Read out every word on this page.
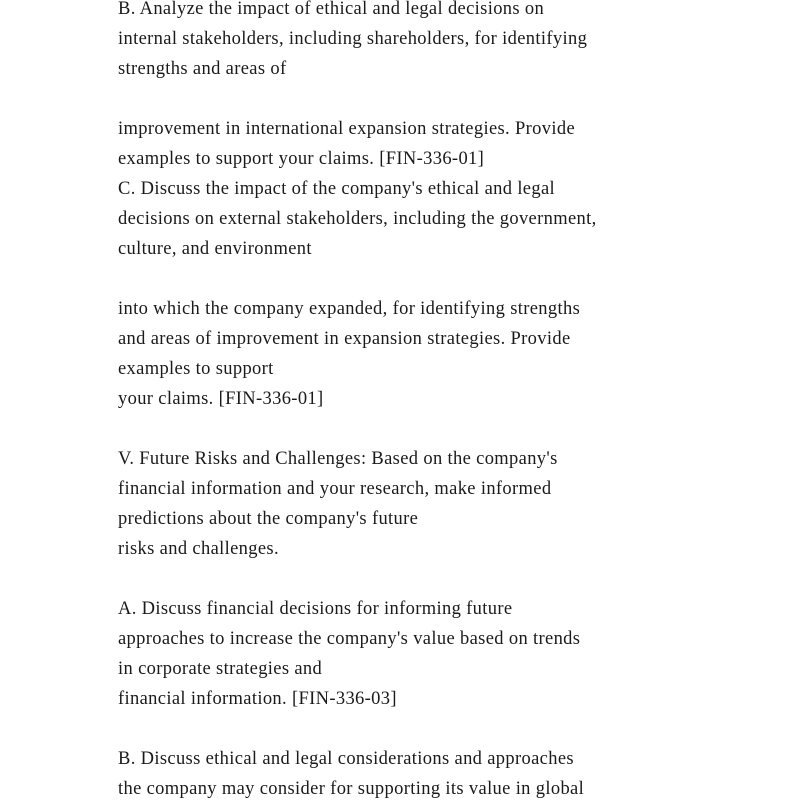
B. Analyze the impact of ethical and legal decisions on
internal stakeholders, including shareholders, for identifying
strengths and areas of
improvement in international expansion strategies. Provide
examples to support your claims. [FIN-336-01]
C. Discuss the impact of the company's ethical and legal
decisions on external stakeholders, including the government,
culture, and environment
into which the company expanded, for identifying strengths
and areas of improvement in expansion strategies. Provide
examples to support
your claims. [FIN-336-01]
V. Future Risks and Challenges: Based on the company's
financial information and your research, make informed
predictions about the company's future
risks and challenges.
A. Discuss financial decisions for informing future
approaches to increase the company's value based on trends
in corporate strategies and
financial information. [FIN-336-03]
B. Discuss ethical and legal considerations and approaches
the company may consider for supporting its value in global
